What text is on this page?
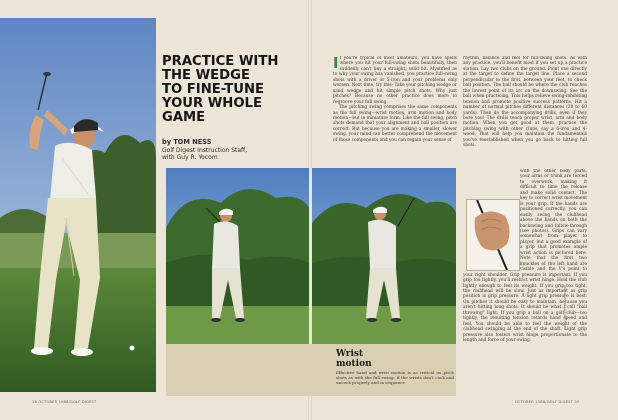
PRACTICE WITH
THE WEDGE
TO FINE-TUNE
YOUR WHOLE
GAME
by TOM NESS
Golf Digest Instruction Staff,
with Guy R. Yocom
If you're typical of most amateurs, you have spells where you hit your full-swing shots beautifully, then suddenly can't buy a straight, solid hit. Mystified as to why your swing has vanished, you practice full-swing shots with a driver or 5-iron and your problems only worsen. Next time, try this: Take your pitching wedge or sand wedge and hit simple pitch shots. Why just pitches? Because no other practice does more to regroove your full swing.
The pitching swing comprises the same components as the full swing—wrist motion, arm motion and body motion—but in miniature form. Like the full swing, pitch shots demand that your alignment and ball position are correct. But because you are making a smaller, slower swing, your mind can better comprehend the movement of those components and you can regain your sense of
rhythm, balance and feel for full-swing shots. As with any practice, you'll benefit most if you set up a practice station. Lay two clubs on the ground. Point one directly at the target to define the target line. Place a second perpendicular to the first, between your feet, to check ball position. The ball should be where the club reaches the lowest point of its arc on the downswing. See the ball when practicing. This helps relieve swing-inhibiting tension and promote positive success patterns. Hit a number of normal pitches different distances (30 to 60 yards). Then do the accompanying drills, even if they bore you! The drills teach proper wrist, arm and body motion. When you get good at them, practice the pitching swing with other clubs, say a 6-iron and 4-wood. That will help you maintain the fundamentals you've reestablished when you go back to hitting full shots.
Wrist
motion
Effective hand and wrist motion is as critical on pitch shots as with the full swing. If the wrists don't cock and uncock properly and in sequence
with the other body parts, your arms or trunk are forced to overwork, making it difficult to time the release and make solid contact. The key to correct wrist movement is your grip. If the hands are positioned correctly, you can easily swing the clubhead above the hands on both the backswing and follow-through (see photos). Grips can vary somewhat from player to player, but a good example of a grip that promotes ample wrist action is pictured here. Note that the first two knuckles of the left hand are visible and the V's point to your right shoulder. Grip pressure is important. If you grip too tightly, you'll restrict wrist hinge. Hold the club lightly enough to feel its weight. If you grip too tight, the clubhead will be slow. Just as important as grip position is grip pressure. A light grip pressure is best. On pitches it should be easy to maintain, because you aren't hitting long shots. It should be what I call "ball throwing" light. If you grip a ball on a golf club—too tightly, the resulting tension retards hand speed and feel. You should be able to feel the weight of the clubhead swinging at the end of the shaft. Light grip pressure also fosters wrist hinge proportionate to the length and force of your swing.
38 OCTOBER 1988/GOLF DIGEST	OCTOBER 1988/GOLF DIGEST 39
PHOTOGRAPHS BY JIM MOORE
